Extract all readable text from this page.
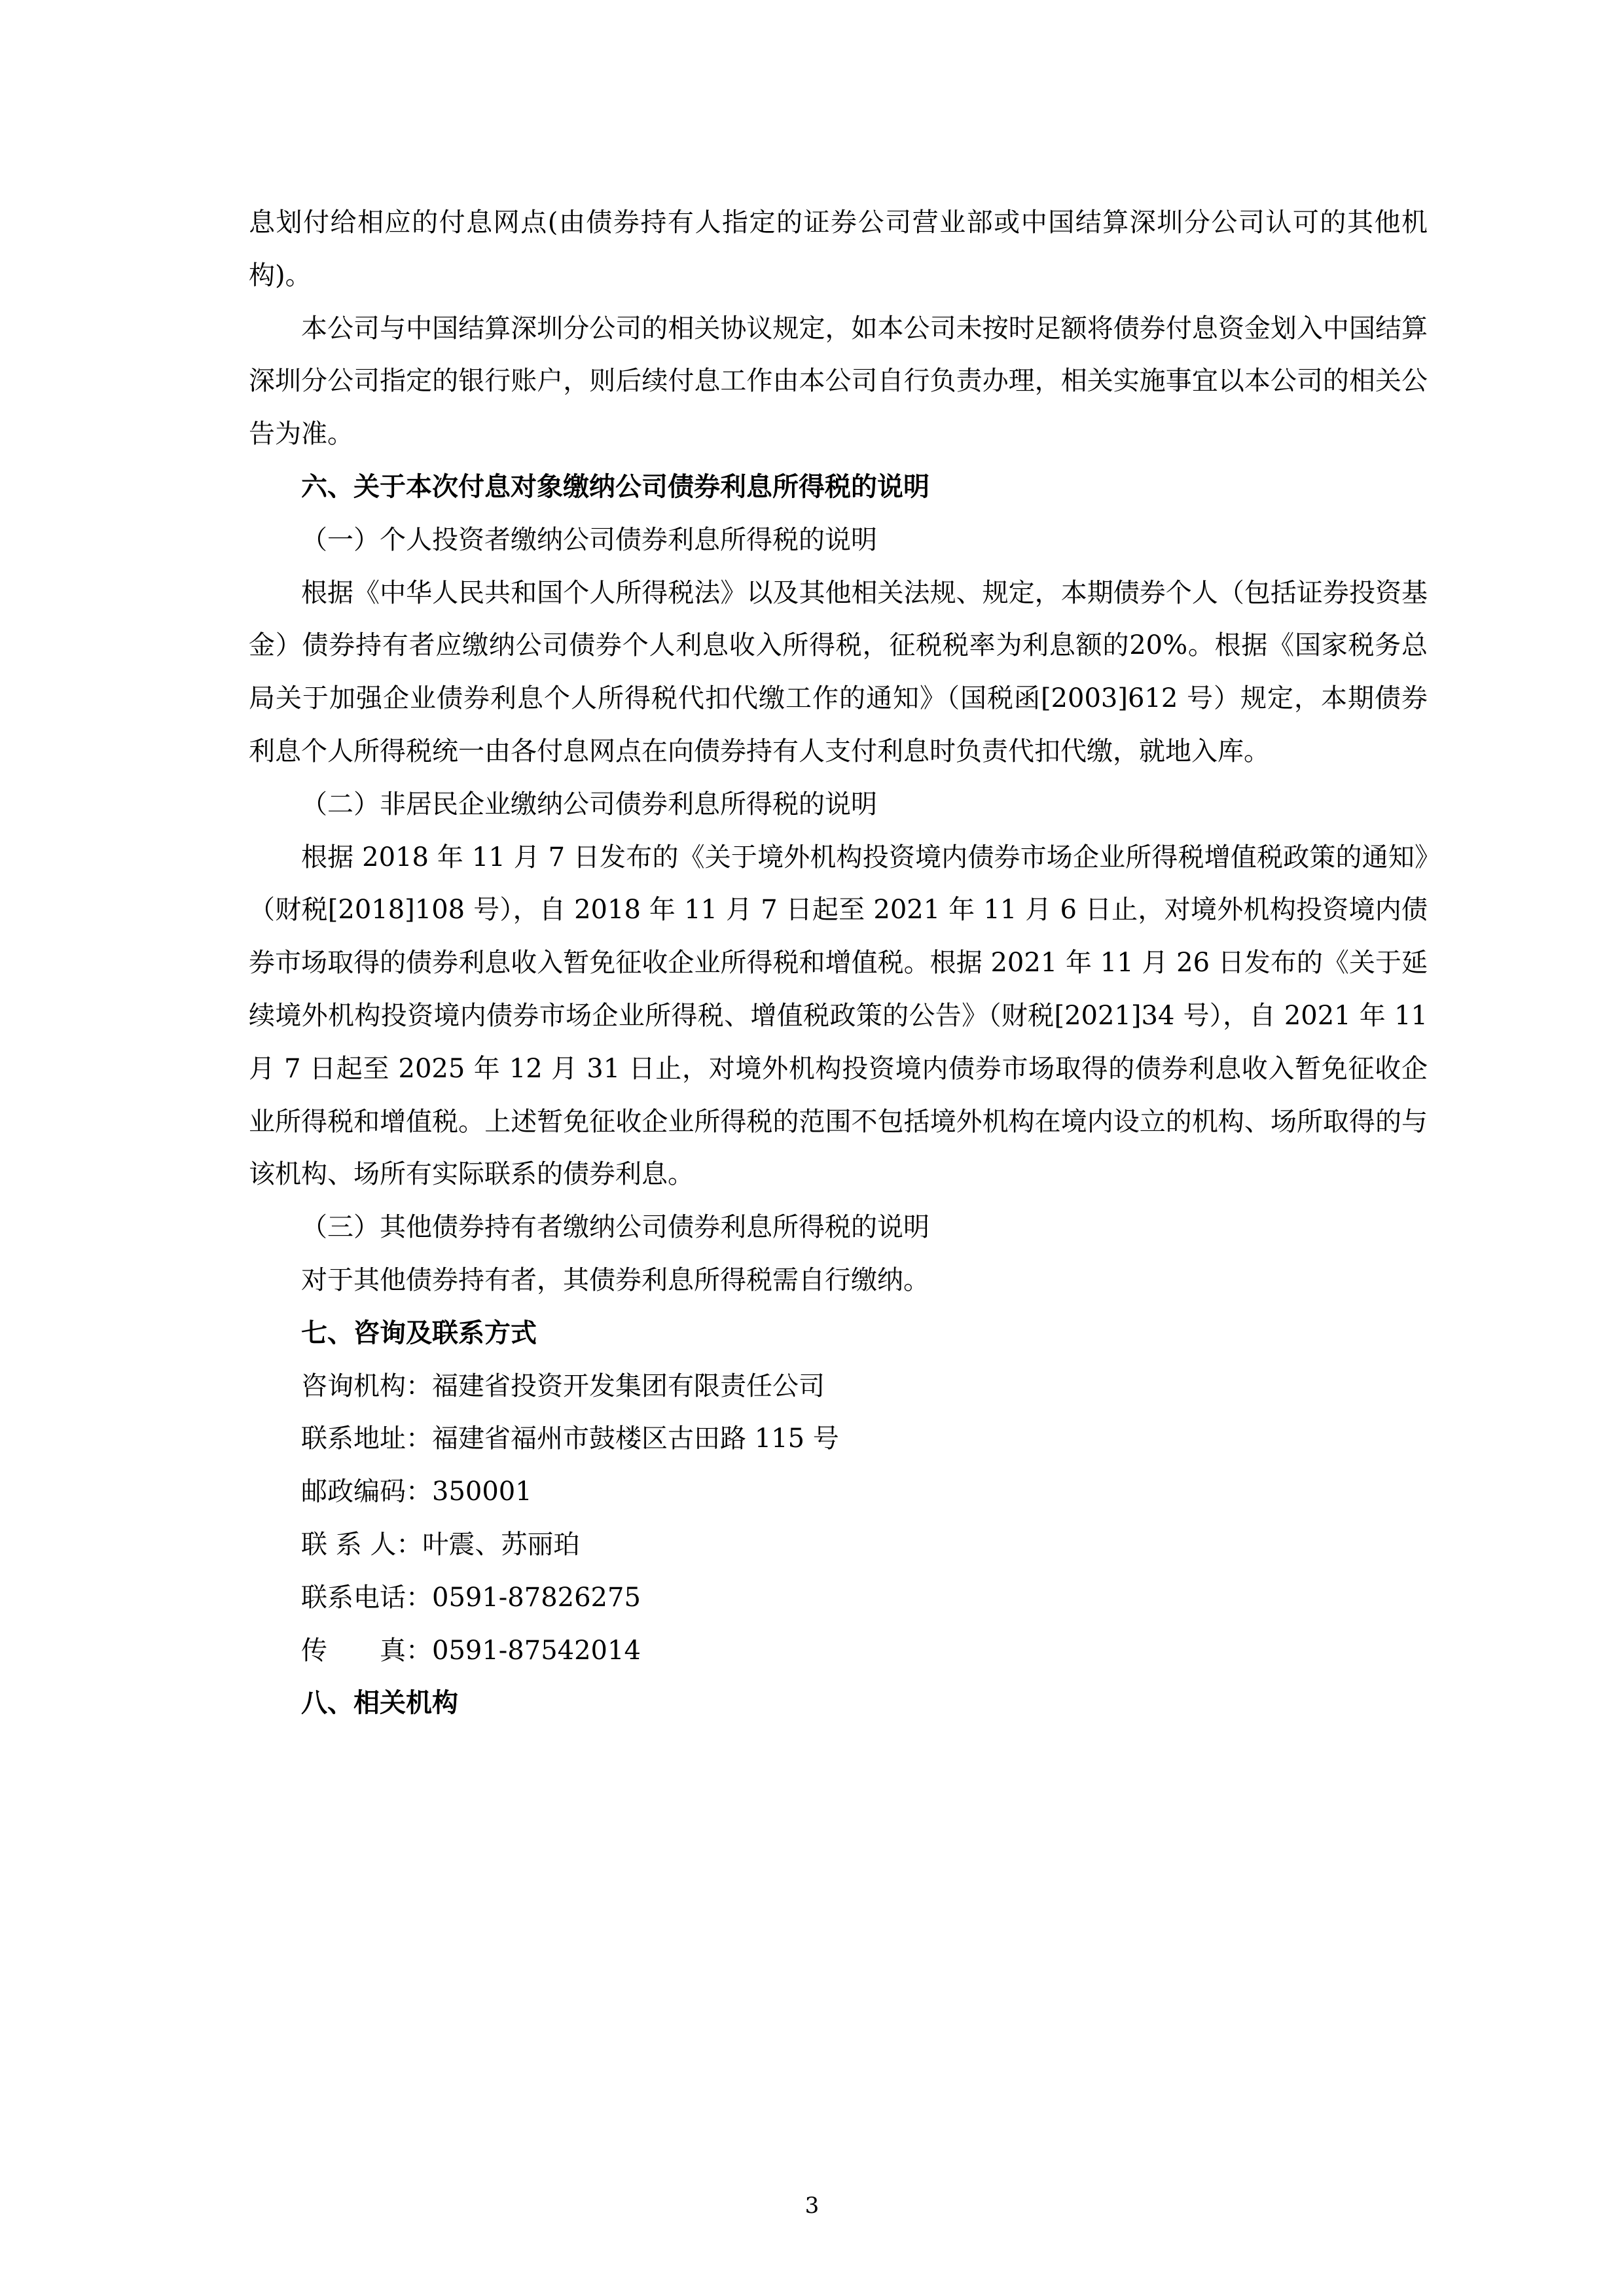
息划付给相应的付息网点(由债券持有人指定的证券公司营业部或中国结算深圳分公司认可的其他机构)。

本公司与中国结算深圳分公司的相关协议规定，如本公司未按时足额将债券付息资金划入中国结算深圳分公司指定的银行账户，则后续付息工作由本公司自行负责办理，相关实施事宜以本公司的相关公告为准。

六、关于本次付息对象缴纳公司债券利息所得税的说明

（一）个人投资者缴纳公司债券利息所得税的说明

根据《中华人民共和国个人所得税法》以及其他相关法规、规定，本期债券个人（包括证券投资基金）债券持有者应缴纳公司债券个人利息收入所得税，征税税率为利息额的20%。根据《国家税务总局关于加强企业债券利息个人所得税代扣代缴工作的通知》（国税函[2003]612 号）规定，本期债券利息个人所得税统一由各付息网点在向债券持有人支付利息时负责代扣代缴，就地入库。

（二）非居民企业缴纳公司债券利息所得税的说明

根据 2018 年 11 月 7 日发布的《关于境外机构投资境内债券市场企业所得税增值税政策的通知》（财税[2018]108 号），自 2018 年 11 月 7 日起至 2021 年 11 月 6 日止，对境外机构投资境内债券市场取得的债券利息收入暂免征收企业所得税和增值税。根据 2021 年 11 月 26 日发布的《关于延续境外机构投资境内债券市场企业所得税、增值税政策的公告》（财税[2021]34 号），自 2021 年 11 月 7 日起至 2025 年 12 月 31 日止，对境外机构投资境内债券市场取得的债券利息收入暂免征收企业所得税和增值税。上述暂免征收企业所得税的范围不包括境外机构在境内设立的机构、场所取得的与该机构、场所有实际联系的债券利息。

（三）其他债券持有者缴纳公司债券利息所得税的说明

对于其他债券持有者，其债券利息所得税需自行缴纳。

七、咨询及联系方式

咨询机构：福建省投资开发集团有限责任公司

联系地址：福建省福州市鼓楼区古田路 115 号

邮政编码：350001

联 系 人：叶震、苏丽珀

联系电话：0591-87826275

传　　真：0591-87542014

八、相关机构

3
